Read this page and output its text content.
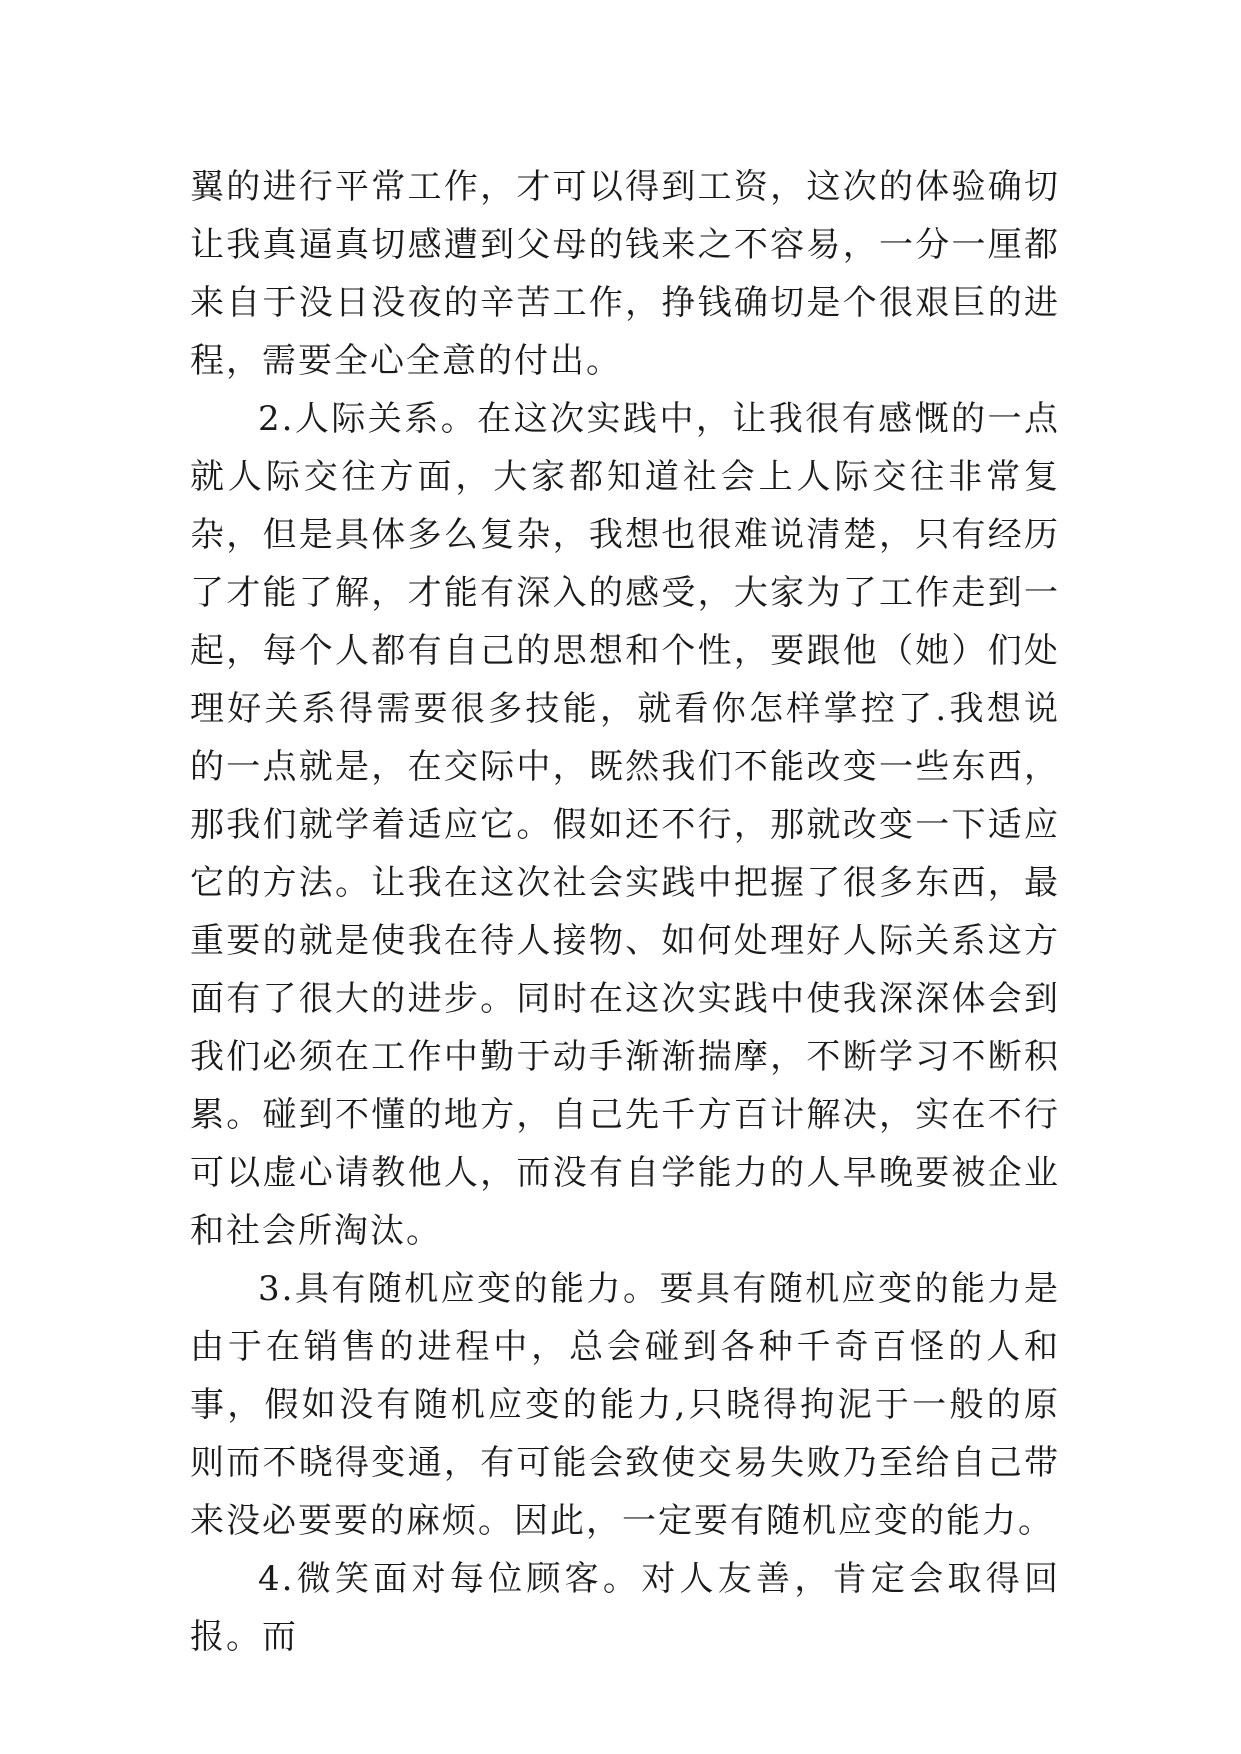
翼的进行平常工作，才可以得到工资，这次的体验确切让我真逼真切感遭到父母的钱来之不容易，一分一厘都来自于没日没夜的辛苦工作，挣钱确切是个很艰巨的进程，需要全心全意的付出。

2.人际关系。在这次实践中，让我很有感慨的一点就人际交往方面，大家都知道社会上人际交往非常复杂，但是具体多么复杂，我想也很难说清楚，只有经历了才能了解，才能有深入的感受，大家为了工作走到一起，每个人都有自己的思想和个性，要跟他（她）们处理好关系得需要很多技能，就看你怎样掌控了.我想说的一点就是，在交际中，既然我们不能改变一些东西，那我们就学着适应它。假如还不行，那就改变一下适应它的方法。让我在这次社会实践中把握了很多东西，最重要的就是使我在待人接物、如何处理好人际关系这方面有了很大的进步。同时在这次实践中使我深深体会到我们必须在工作中勤于动手渐渐揣摩，不断学习不断积累。碰到不懂的地方，自己先千方百计解决，实在不行可以虚心请教他人，而没有自学能力的人早晚要被企业和社会所淘汰。

3.具有随机应变的能力。要具有随机应变的能力是由于在销售的进程中，总会碰到各种千奇百怪的人和事，假如没有随机应变的能力,只晓得拘泥于一般的原则而不晓得变通，有可能会致使交易失败乃至给自己带来没必要要的麻烦。因此，一定要有随机应变的能力。

4.微笑面对每位顾客。对人友善，肯定会取得回报。而
